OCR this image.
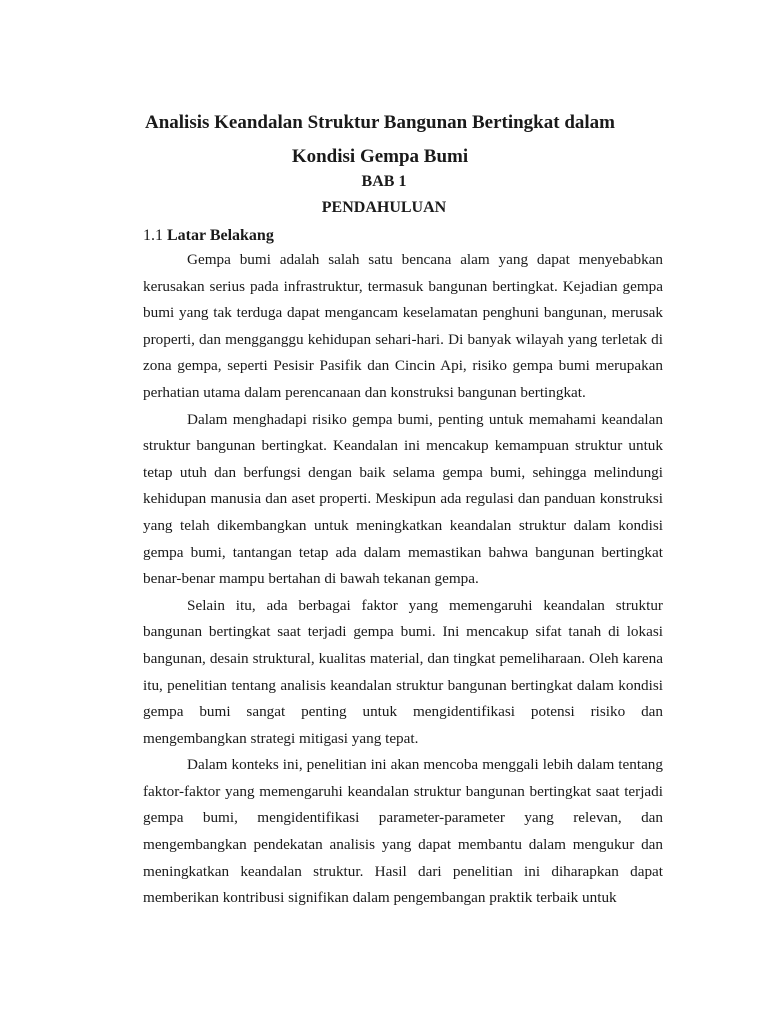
Analisis Keandalan Struktur Bangunan Bertingkat dalam Kondisi Gempa Bumi
BAB 1
PENDAHULUAN

1.1 Latar Belakang

Gempa bumi adalah salah satu bencana alam yang dapat menyebabkan kerusakan serius pada infrastruktur, termasuk bangunan bertingkat. Kejadian gempa bumi yang tak terduga dapat mengancam keselamatan penghuni bangunan, merusak properti, dan mengganggu kehidupan sehari-hari. Di banyak wilayah yang terletak di zona gempa, seperti Pesisir Pasifik dan Cincin Api, risiko gempa bumi merupakan perhatian utama dalam perencanaan dan konstruksi bangunan bertingkat.

Dalam menghadapi risiko gempa bumi, penting untuk memahami keandalan struktur bangunan bertingkat. Keandalan ini mencakup kemampuan struktur untuk tetap utuh dan berfungsi dengan baik selama gempa bumi, sehingga melindungi kehidupan manusia dan aset properti. Meskipun ada regulasi dan panduan konstruksi yang telah dikembangkan untuk meningkatkan keandalan struktur dalam kondisi gempa bumi, tantangan tetap ada dalam memastikan bahwa bangunan bertingkat benar-benar mampu bertahan di bawah tekanan gempa.

Selain itu, ada berbagai faktor yang memengaruhi keandalan struktur bangunan bertingkat saat terjadi gempa bumi. Ini mencakup sifat tanah di lokasi bangunan, desain struktural, kualitas material, dan tingkat pemeliharaan. Oleh karena itu, penelitian tentang analisis keandalan struktur bangunan bertingkat dalam kondisi gempa bumi sangat penting untuk mengidentifikasi potensi risiko dan mengembangkan strategi mitigasi yang tepat.

Dalam konteks ini, penelitian ini akan mencoba menggali lebih dalam tentang faktor-faktor yang memengaruhi keandalan struktur bangunan bertingkat saat terjadi gempa bumi, mengidentifikasi parameter-parameter yang relevan, dan mengembangkan pendekatan analisis yang dapat membantu dalam mengukur dan meningkatkan keandalan struktur. Hasil dari penelitian ini diharapkan dapat memberikan kontribusi signifikan dalam pengembangan praktik terbaik untuk
